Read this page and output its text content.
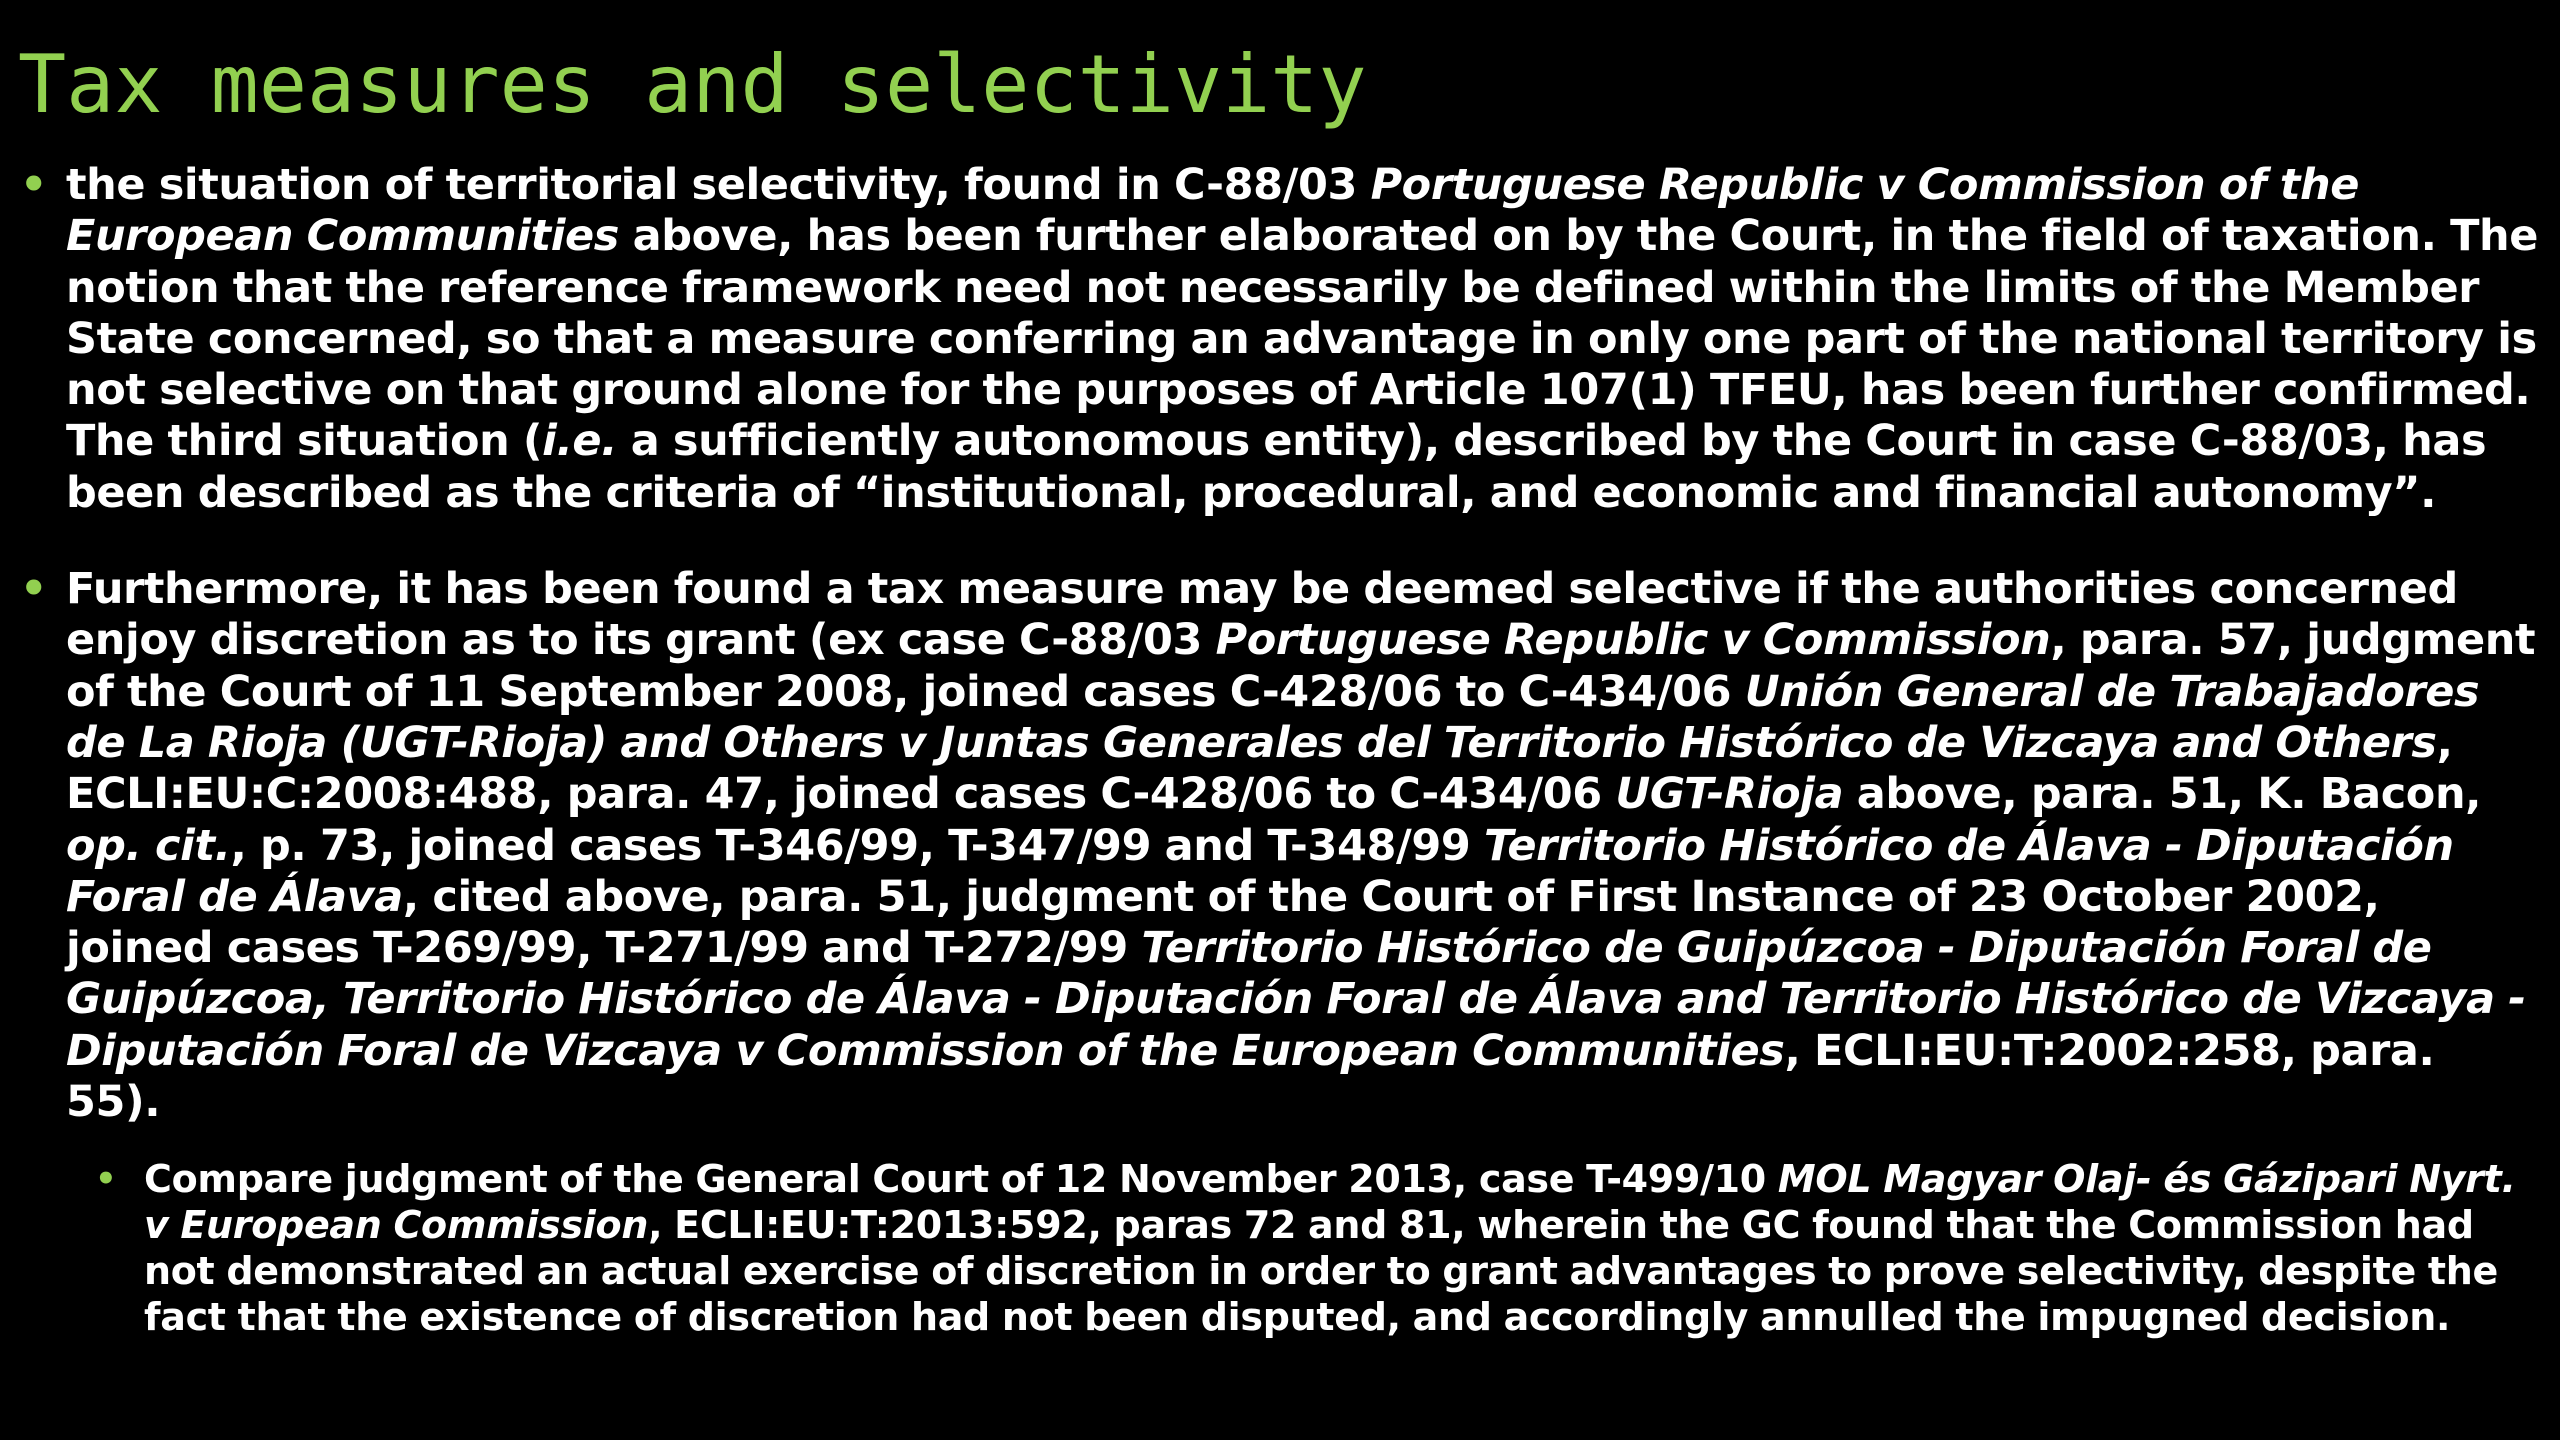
Tax measures and selectivity
• the situation of territorial selectivity, found in C-88/03 Portuguese Republic v Commission of the European Communities above, has been further elaborated on by the Court, in the field of taxation. The notion that the reference framework need not necessarily be defined within the limits of the Member State concerned, so that a measure conferring an advantage in only one part of the national territory is not selective on that ground alone for the purposes of Article 107(1) TFEU, has been further confirmed. The third situation (i.e. a sufficiently autonomous entity), described by the Court in case C-88/03, has been described as the criteria of “institutional, procedural, and economic and financial autonomy”.
• Furthermore, it has been found a tax measure may be deemed selective if the authorities concerned enjoy discretion as to its grant (ex case C-88/03 Portuguese Republic v Commission, para. 57, judgment of the Court of 11 September 2008, joined cases C-428/06 to C-434/06 Unión General de Trabajadores de La Rioja (UGT-Rioja) and Others v Juntas Generales del Territorio Histórico de Vizcaya and Others, ECLI:EU:C:2008:488, para. 47, joined cases C-428/06 to C-434/06 UGT-Rioja above, para. 51, K. Bacon, op. cit., p. 73, joined cases T-346/99, T-347/99 and T-348/99 Territorio Histórico de Álava - Diputación Foral de Álava, cited above, para. 51, judgment of the Court of First Instance of 23 October 2002, joined cases T-269/99, T-271/99 and T-272/99 Territorio Histórico de Guipúzcoa - Diputación Foral de Guipúzcoa, Territorio Histórico de Álava - Diputación Foral de Álava and Territorio Histórico de Vizcaya - Diputación Foral de Vizcaya v Commission of the European Communities, ECLI:EU:T:2002:258, para. 55).
• Compare judgment of the General Court of 12 November 2013, case T-499/10 MOL Magyar Olaj- és Gázipari Nyrt. v European Commission, ECLI:EU:T:2013:592, paras 72 and 81, wherein the GC found that the Commission had not demonstrated an actual exercise of discretion in order to grant advantages to prove selectivity, despite the fact that the existence of discretion had not been disputed, and accordingly annulled the impugned decision.
